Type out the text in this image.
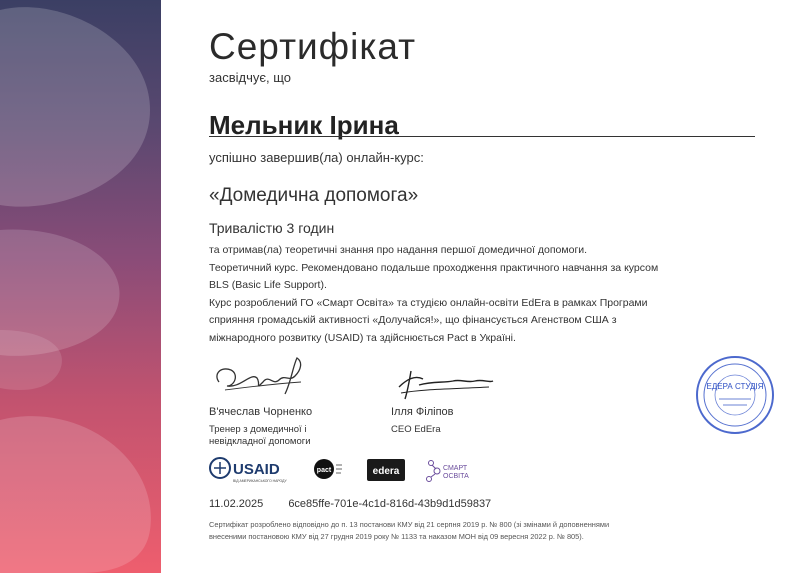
Сертифікат
засвідчує, що
Мельник Ірина
успішно завершив(ла) онлайн-курс:
«Домедична допомога»
Тривалістю 3 годин

та отримав(ла) теоретичні знання про надання першої домедичної допомоги.

Теоретичний курс. Рекомендовано подальше проходження практичного навчання за курсом

BLS (Basic Life Support).

Курс розроблений ГО «Смарт Освіта» та студією онлайн-освіти EdEra в рамках Програми

сприяння громадській активності «Долучайся!», що фінансується Агенством США з

міжнародного розвитку (USAID) та здійснюється Pact в Україні.

В'ячеслав Чорненко
Тренер з домедичної і
невідкладної допомоги
Ілля Філіпов
CEO EdEra
ЕДЕРА СТУДІЯ
USAID
ВІД АМЕРИКАНСЬКОГО НАРОДУ
pact	edera	СМАРТ
ОСВІТА
11.02.2025 6ce85ffe-701e-4c1d-816d-43b9d1d59837
Сертифікат розроблено відповідно до п. 13 постанови КМУ від 21 серпня 2019 р. № 800 (зі змінами й доповненнями
внесеними постановою КМУ від 27 грудня 2019 року № 1133 та наказом МОН від 09 вересня 2022 р. № 805).
